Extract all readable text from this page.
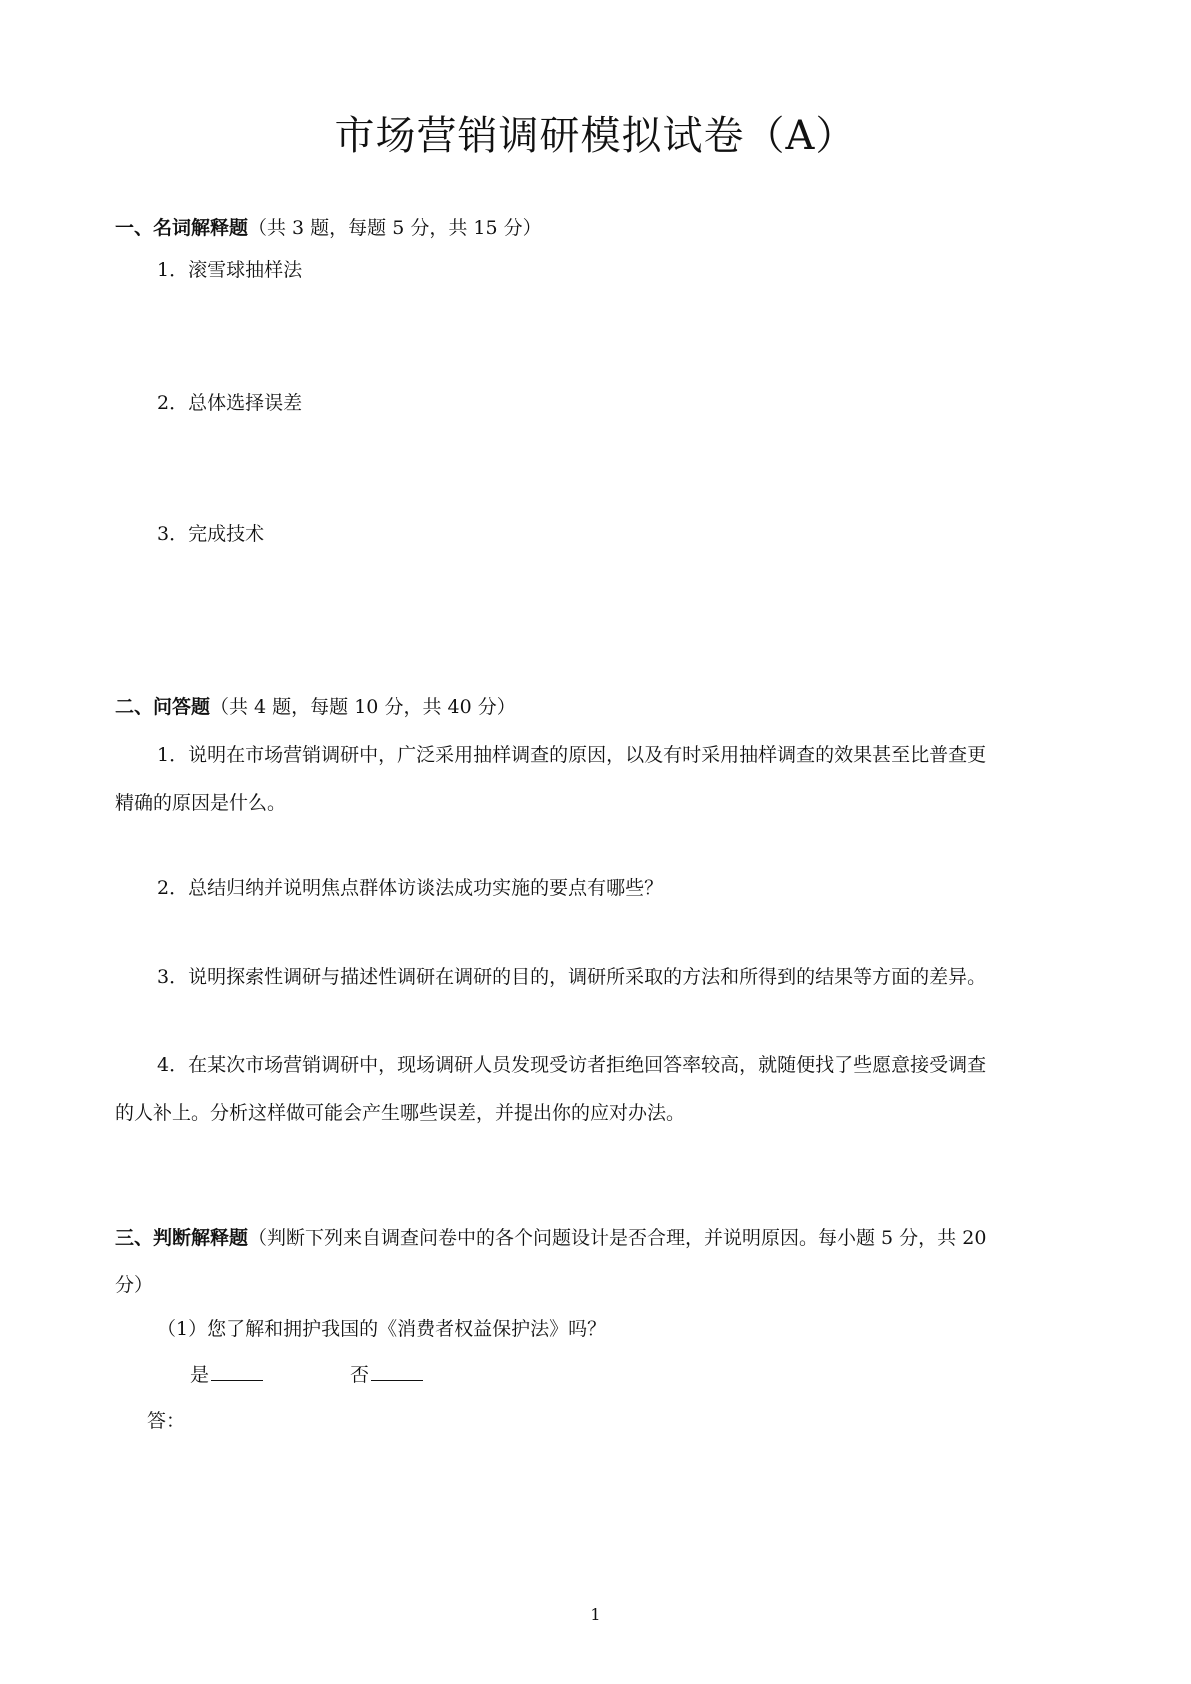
市场营销调研模拟试卷（A）
一、名词解释题（共 3 题，每题 5 分，共 15 分）
1．滚雪球抽样法
2．总体选择误差
3．完成技术
二、问答题（共 4 题，每题 10 分，共 40 分）
1．说明在市场营销调研中，广泛采用抽样调查的原因，以及有时采用抽样调查的效果甚至比普查更
精确的原因是什么。
2．总结归纳并说明焦点群体访谈法成功实施的要点有哪些？
3．说明探索性调研与描述性调研在调研的目的，调研所采取的方法和所得到的结果等方面的差异。
4．在某次市场营销调研中，现场调研人员发现受访者拒绝回答率较高，就随便找了些愿意接受调查
的人补上。分析这样做可能会产生哪些误差，并提出你的应对办法。
三、判断解释题（判断下列来自调查问卷中的各个问题设计是否合理，并说明原因。每小题 5 分，共 20
分）
（1）您了解和拥护我国的《消费者权益保护法》吗？
是	否
答：
1
